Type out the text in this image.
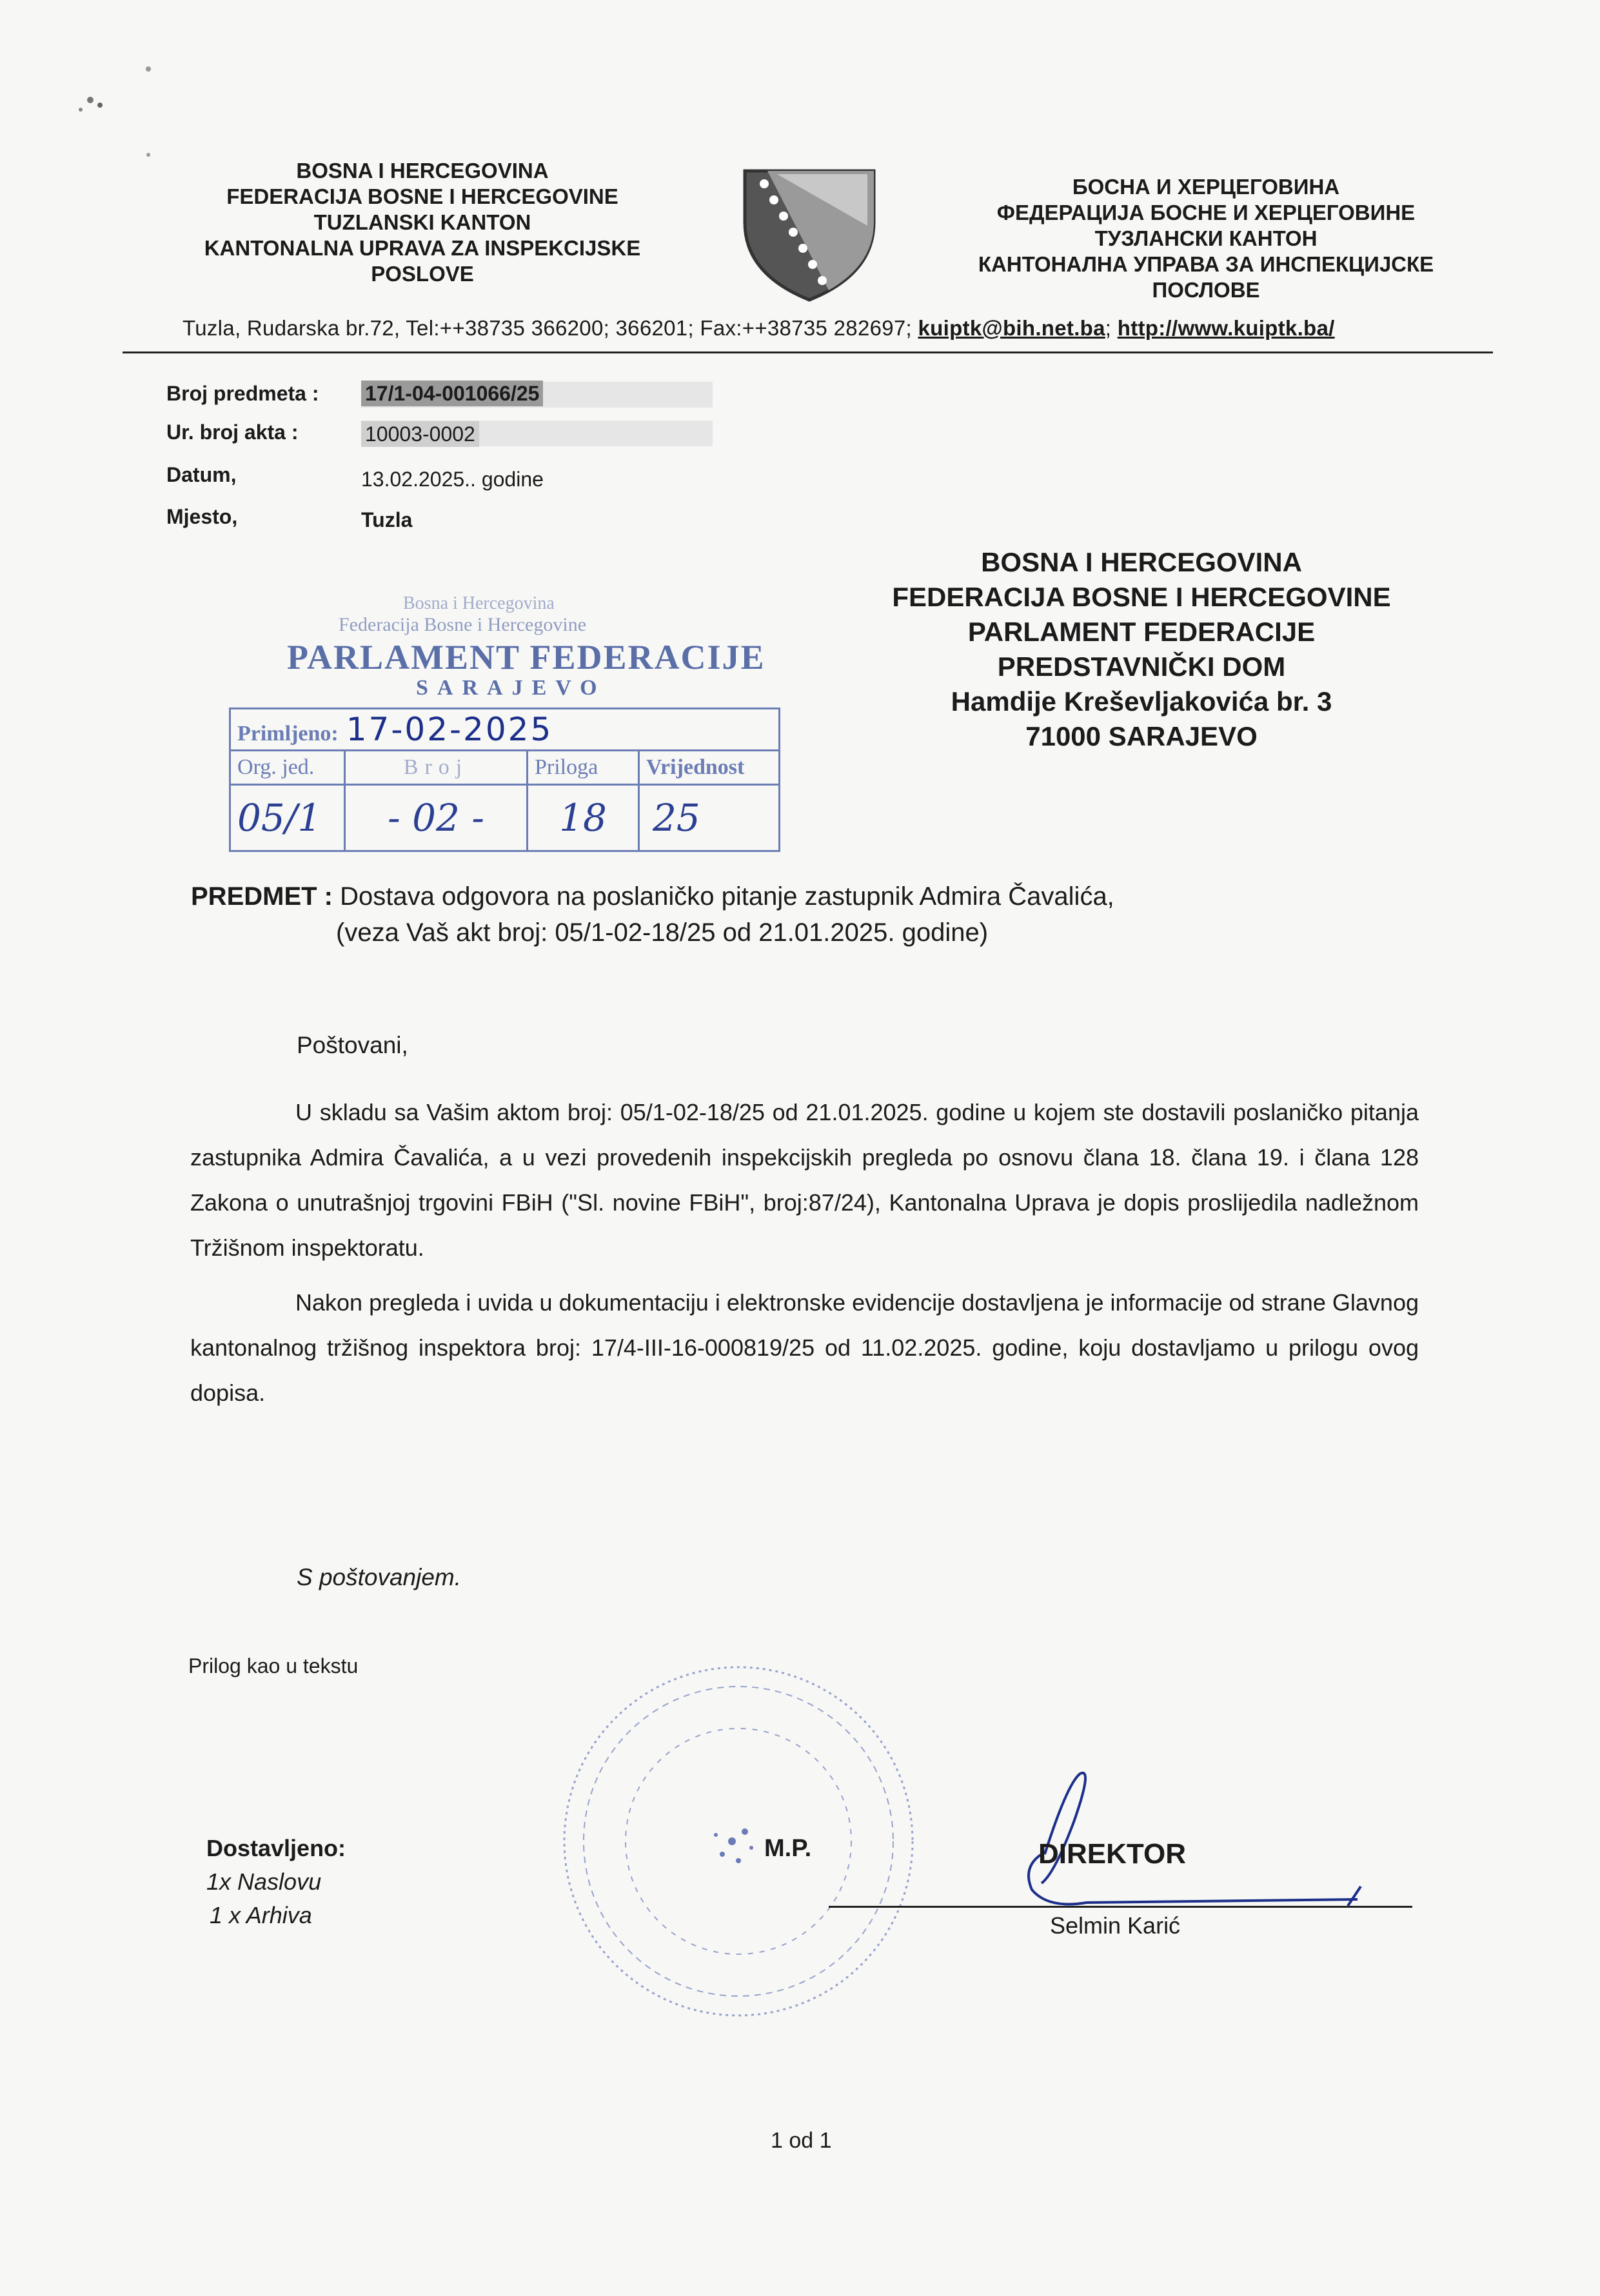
BOSNA I HERCEGOVINA
FEDERACIJA BOSNE I HERCEGOVINE
TUZLANSKI KANTON
KANTONALNA UPRAVA ZA INSPEKCIJSKE
POSLOVE
БОСНА И ХЕРЦЕГОВИНА
ФЕДЕРАЦИЈА БОСНЕ И ХЕРЦЕГОВИНЕ
ТУЗЛАНСКИ КАНТОН
КАНТОНАЛНА УПРАВА ЗА ИНСПЕКЦИЈСКЕ
ПОСЛОВЕ
Tuzla, Rudarska br.72, Tel:++38735 366200; 366201; Fax:++38735 282697; kuiptk@bih.net.ba; http://www.kuiptk.ba/
Broj predmeta : 17/1-04-001066/25
Ur. broj akta :	10003-0002
Datum,	13.02.2025.. godine
Mjesto,	Tuzla
BOSNA I HERCEGOVINA
FEDERACIJA BOSNE I HERCEGOVINE
PARLAMENT FEDERACIJE
PREDSTAVNIČKI DOM
Hamdije Kreševljakovića br. 3
71000 SARAJEVO
Bosna i Hercegovina
Federacija Bosne i Hercegovine
PARLAMENT FEDERACIJE
SARAJEVO
Primljeno: 17-02-2025			
Org. jed.	Broj	Priloga	Vrijednost
05/1	- 02 -	18	25
PREDMET : Dostava odgovora na poslaničko pitanje zastupnik Admira Čavalića,
(veza Vaš akt broj: 05/1-02-18/25 od 21.01.2025. godine)
Poštovani,
U skladu sa Vašim aktom broj: 05/1-02-18/25 od 21.01.2025. godine u kojem ste dostavili poslaničko pitanja zastupnika Admira Čavalića, a u vezi provedenih inspekcijskih pregleda po osnovu člana 18. člana 19. i člana 128 Zakona o unutrašnjoj trgovini FBiH ("Sl. novine FBiH", broj:87/24), Kantonalna Uprava je dopis proslijedila nadležnom Tržišnom inspektoratu.
Nakon pregleda i uvida u dokumentaciju i elektronske evidencije dostavljena je informacije od strane Glavnog kantonalnog tržišnog inspektora broj: 17/4-III-16-000819/25 od 11.02.2025. godine, koju dostavljamo u prilogu ovog dopisa.
S poštovanjem.
Prilog kao u tekstu
Dostavljeno:
1x Naslovu
1 x Arhiva
M.P.	DIREKTOR
Selmin Karić
1 od 1
